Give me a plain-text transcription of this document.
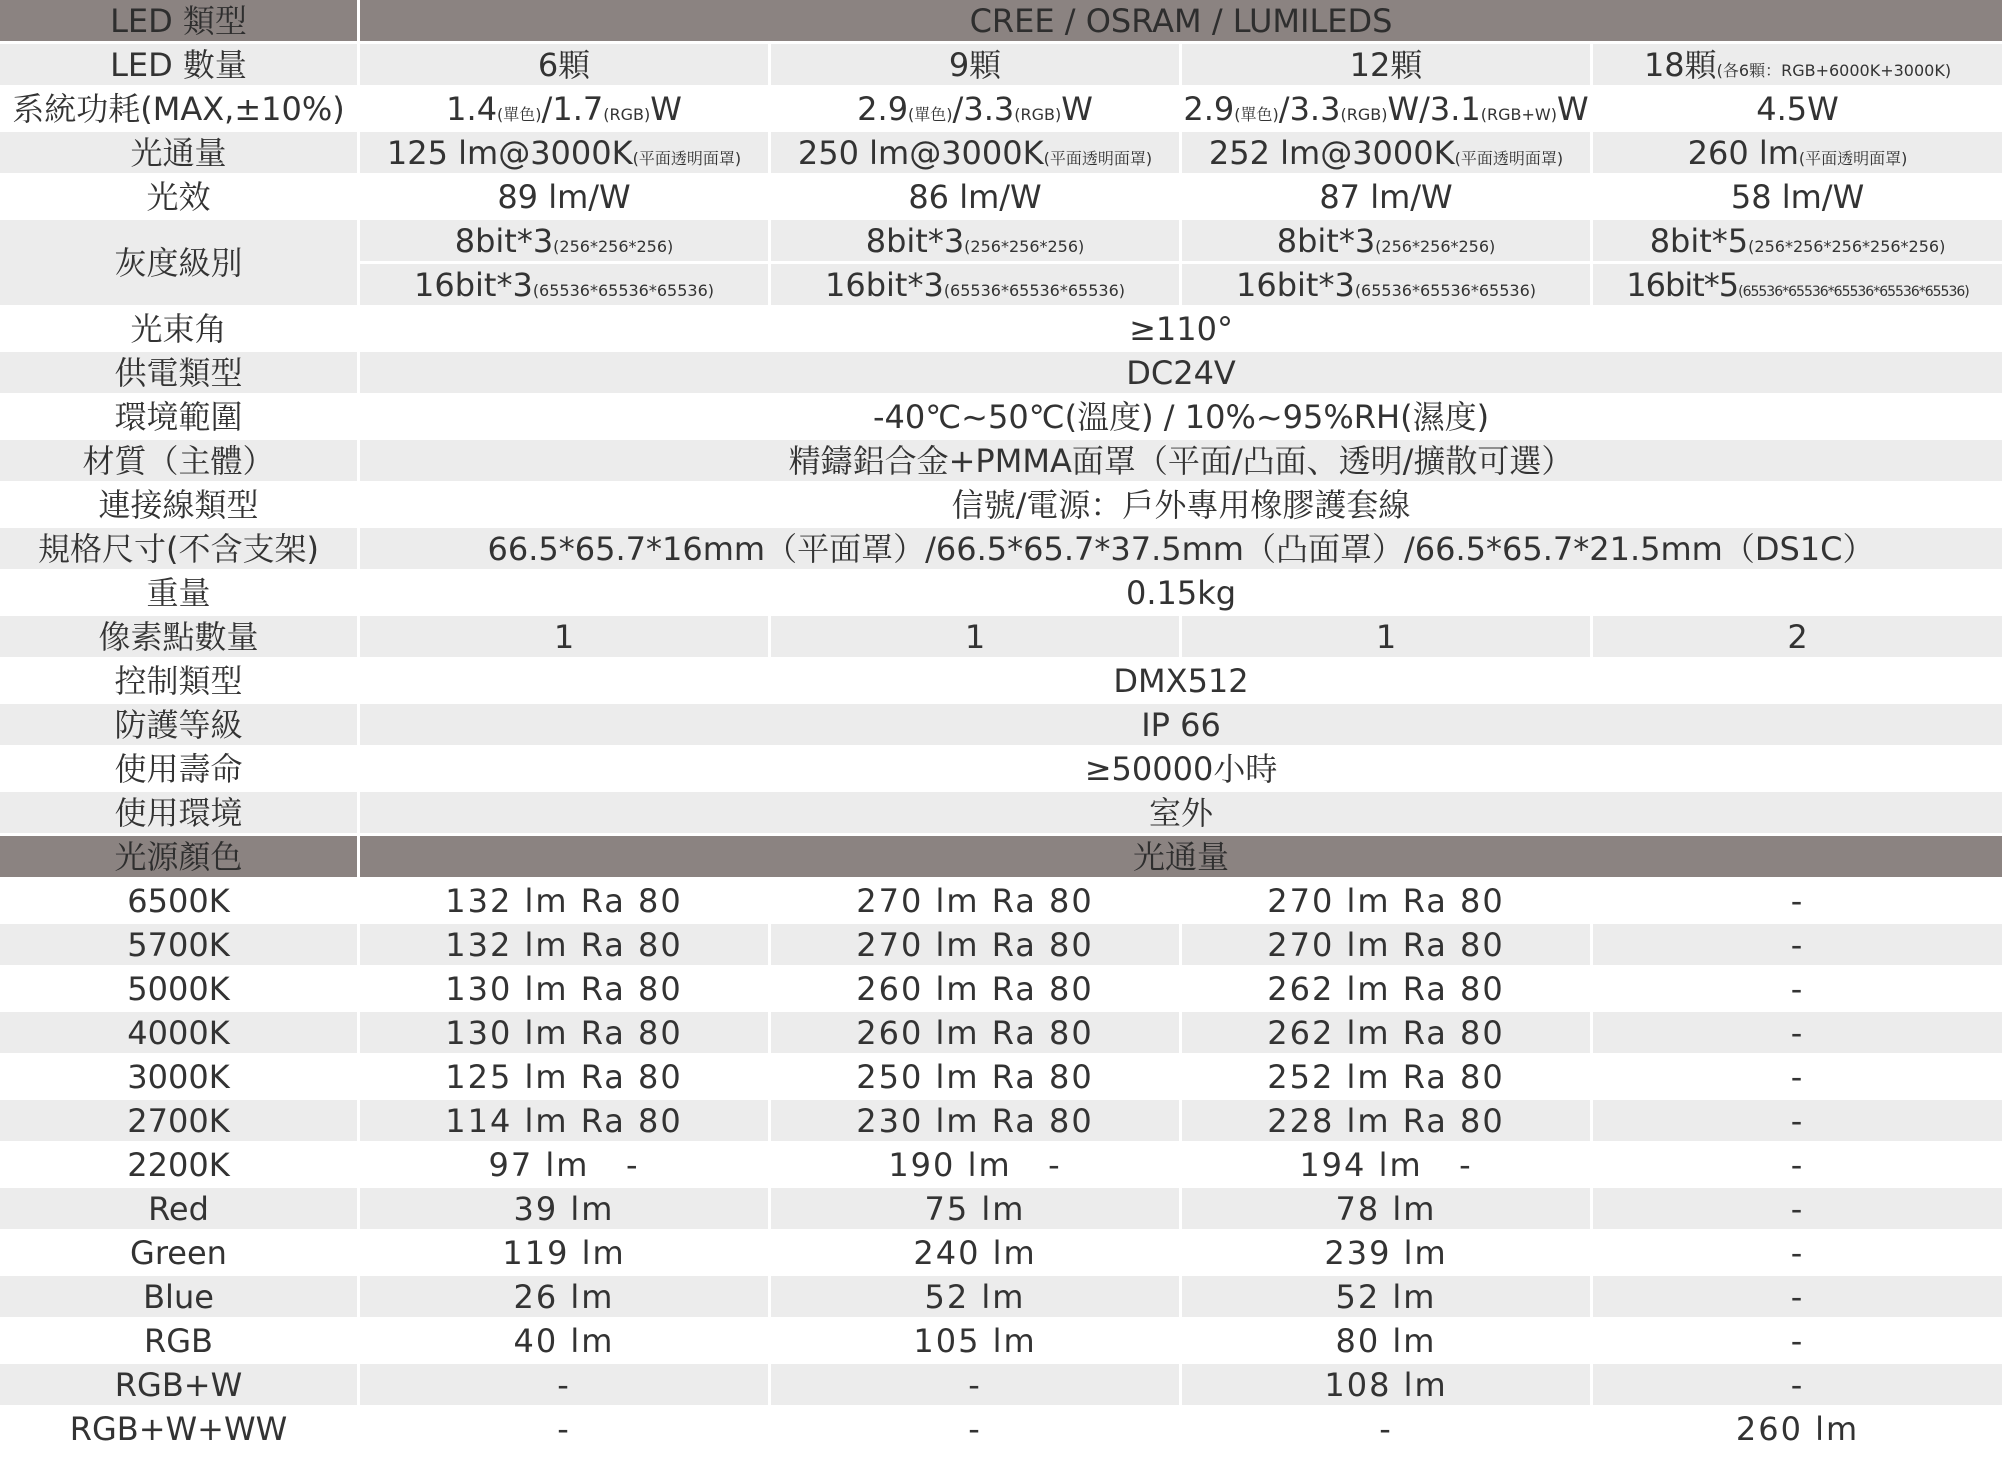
LED 類型	CREE / OSRAM / LUMILEDS			
LED 數量	6顆	9顆	12顆	18顆(各6顆：RGB+6000K+3000K)
系統功耗(MAX,±10%)	1.4(單色)/1.7(RGB)W	2.9(單色)/3.3(RGB)W	2.9(單色)/3.3(RGB)W/3.1(RGB+W)W	4.5W
光通量	125 lm@3000K(平面透明面罩)	250 lm@3000K(平面透明面罩)	252 lm@3000K(平面透明面罩)	260 lm(平面透明面罩)
光效	89 lm/W	86 lm/W	87 lm/W	58 lm/W
灰度級別	8bit*3(256*256*256)	8bit*3(256*256*256)	8bit*3(256*256*256)	8bit*5(256*256*256*256*256)
	16bit*3(65536*65536*65536)	16bit*3(65536*65536*65536)	16bit*3(65536*65536*65536)	16bit*5(65536*65536*65536*65536*65536)
光束角	≥110°			
供電類型	DC24V			
環境範圍	-40℃~50℃(溫度) / 10%~95%RH(濕度)			
材質（主體）	精鑄鋁合金+PMMA面罩（平面/凸面、透明/擴散可選）			
連接線類型	信號/電源：戶外專用橡膠護套線			
規格尺寸(不含支架)	66.5*65.7*16mm（平面罩）/66.5*65.7*37.5mm（凸面罩）/66.5*65.7*21.5mm（DS1C）			
重量	0.15kg			
像素點數量	1	1	1	2
控制類型	DMX512			
防護等級	IP 66			
使用壽命	≥50000小時			
使用環境	室外			
光源顏色	光通量			
6500K	132 lm Ra 80	270 lm Ra 80	270 lm Ra 80	-
5700K	132 lm Ra 80	270 lm Ra 80	270 lm Ra 80	-
5000K	130 lm Ra 80	260 lm Ra 80	262 lm Ra 80	-
4000K	130 lm Ra 80	260 lm Ra 80	262 lm Ra 80	-
3000K	125 lm Ra 80	250 lm Ra 80	252 lm Ra 80	-
2700K	114 lm Ra 80	230 lm Ra 80	228 lm Ra 80	-
2200K	97 lm   -	190 lm   -	194 lm   -	-
Red	39 lm	75 lm	78 lm	-
Green	119 lm	240 lm	239 lm	-
Blue	26 lm	52 lm	52 lm	-
RGB	40 lm	105 lm	80 lm	-
RGB+W	-	-	108 lm	-
RGB+W+WW	-	-	-	260 lm
